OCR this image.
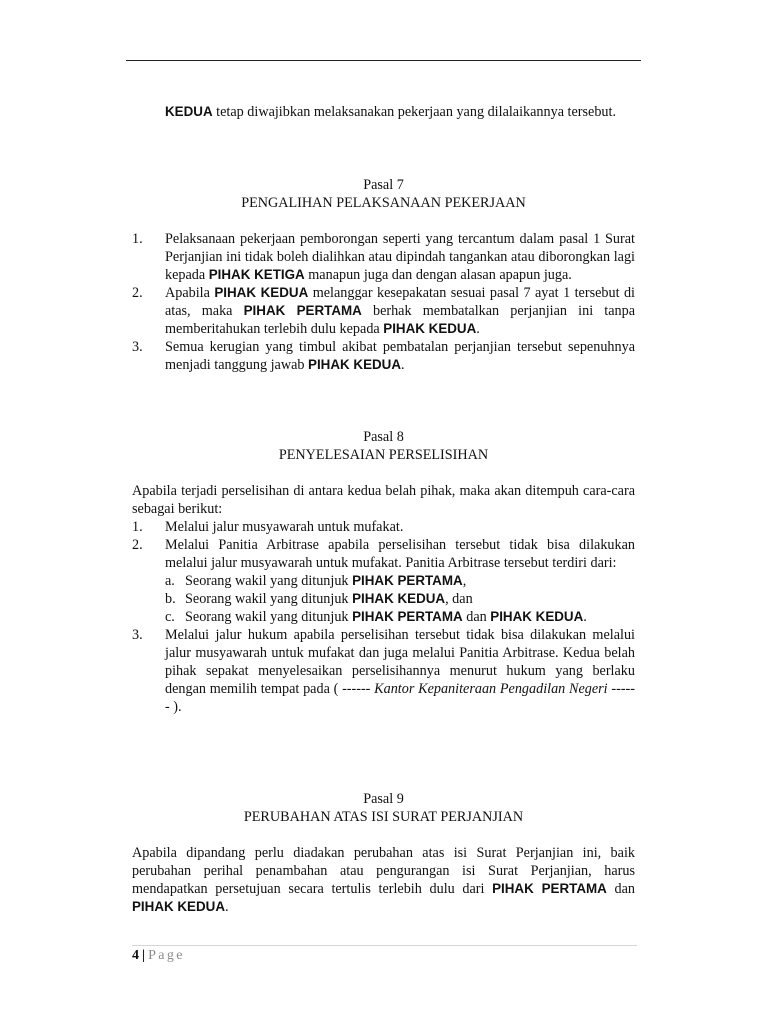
KEDUA tetap diwajibkan melaksanakan pekerjaan yang dilalaikannya tersebut.

Pasal 7
PENGALIHAN PELAKSANAAN PEKERJAAN
1. Pelaksanaan pekerjaan pemborongan seperti yang tercantum dalam pasal 1 Surat Perjanjian ini tidak boleh dialihkan atau dipindah tangankan atau diborongkan lagi kepada PIHAK KETIGA manapun juga dan dengan alasan apapun juga.
2. Apabila PIHAK KEDUA melanggar kesepakatan sesuai pasal 7 ayat 1 tersebut di atas, maka PIHAK PERTAMA berhak membatalkan perjanjian ini tanpa memberitahukan terlebih dulu kepada PIHAK KEDUA.
3. Semua kerugian yang timbul akibat pembatalan perjanjian tersebut sepenuhnya menjadi tanggung jawab PIHAK KEDUA.
Pasal 8
PENYELESAIAN PERSELISIHAN

Apabila terjadi perselisihan di antara kedua belah pihak, maka akan ditempuh cara-cara sebagai berikut:

1. Melalui jalur musyawarah untuk mufakat.
2. Melalui Panitia Arbitrase apabila perselisihan tersebut tidak bisa dilakukan melalui jalur musyawarah untuk mufakat. Panitia Arbitrase tersebut terdiri dari:
a. Seorang wakil yang ditunjuk PIHAK PERTAMA,
b. Seorang wakil yang ditunjuk PIHAK KEDUA, dan
c. Seorang wakil yang ditunjuk PIHAK PERTAMA dan PIHAK KEDUA.
3. Melalui jalur hukum apabila perselisihan tersebut tidak bisa dilakukan melalui jalur musyawarah untuk mufakat dan juga melalui Panitia Arbitrase. Kedua belah pihak sepakat menyelesaikan perselisihannya menurut hukum yang berlaku dengan memilih tempat pada ( ------ Kantor Kepaniteraan Pengadilan Negeri ------ ).
Pasal 9
PERUBAHAN ATAS ISI SURAT PERJANJIAN

Apabila dipandang perlu diadakan perubahan atas isi Surat Perjanjian ini, baik perubahan perihal penambahan atau pengurangan isi Surat Perjanjian, harus mendapatkan persetujuan secara tertulis terlebih dulu dari PIHAK PERTAMA dan PIHAK KEDUA.

4 | Page
